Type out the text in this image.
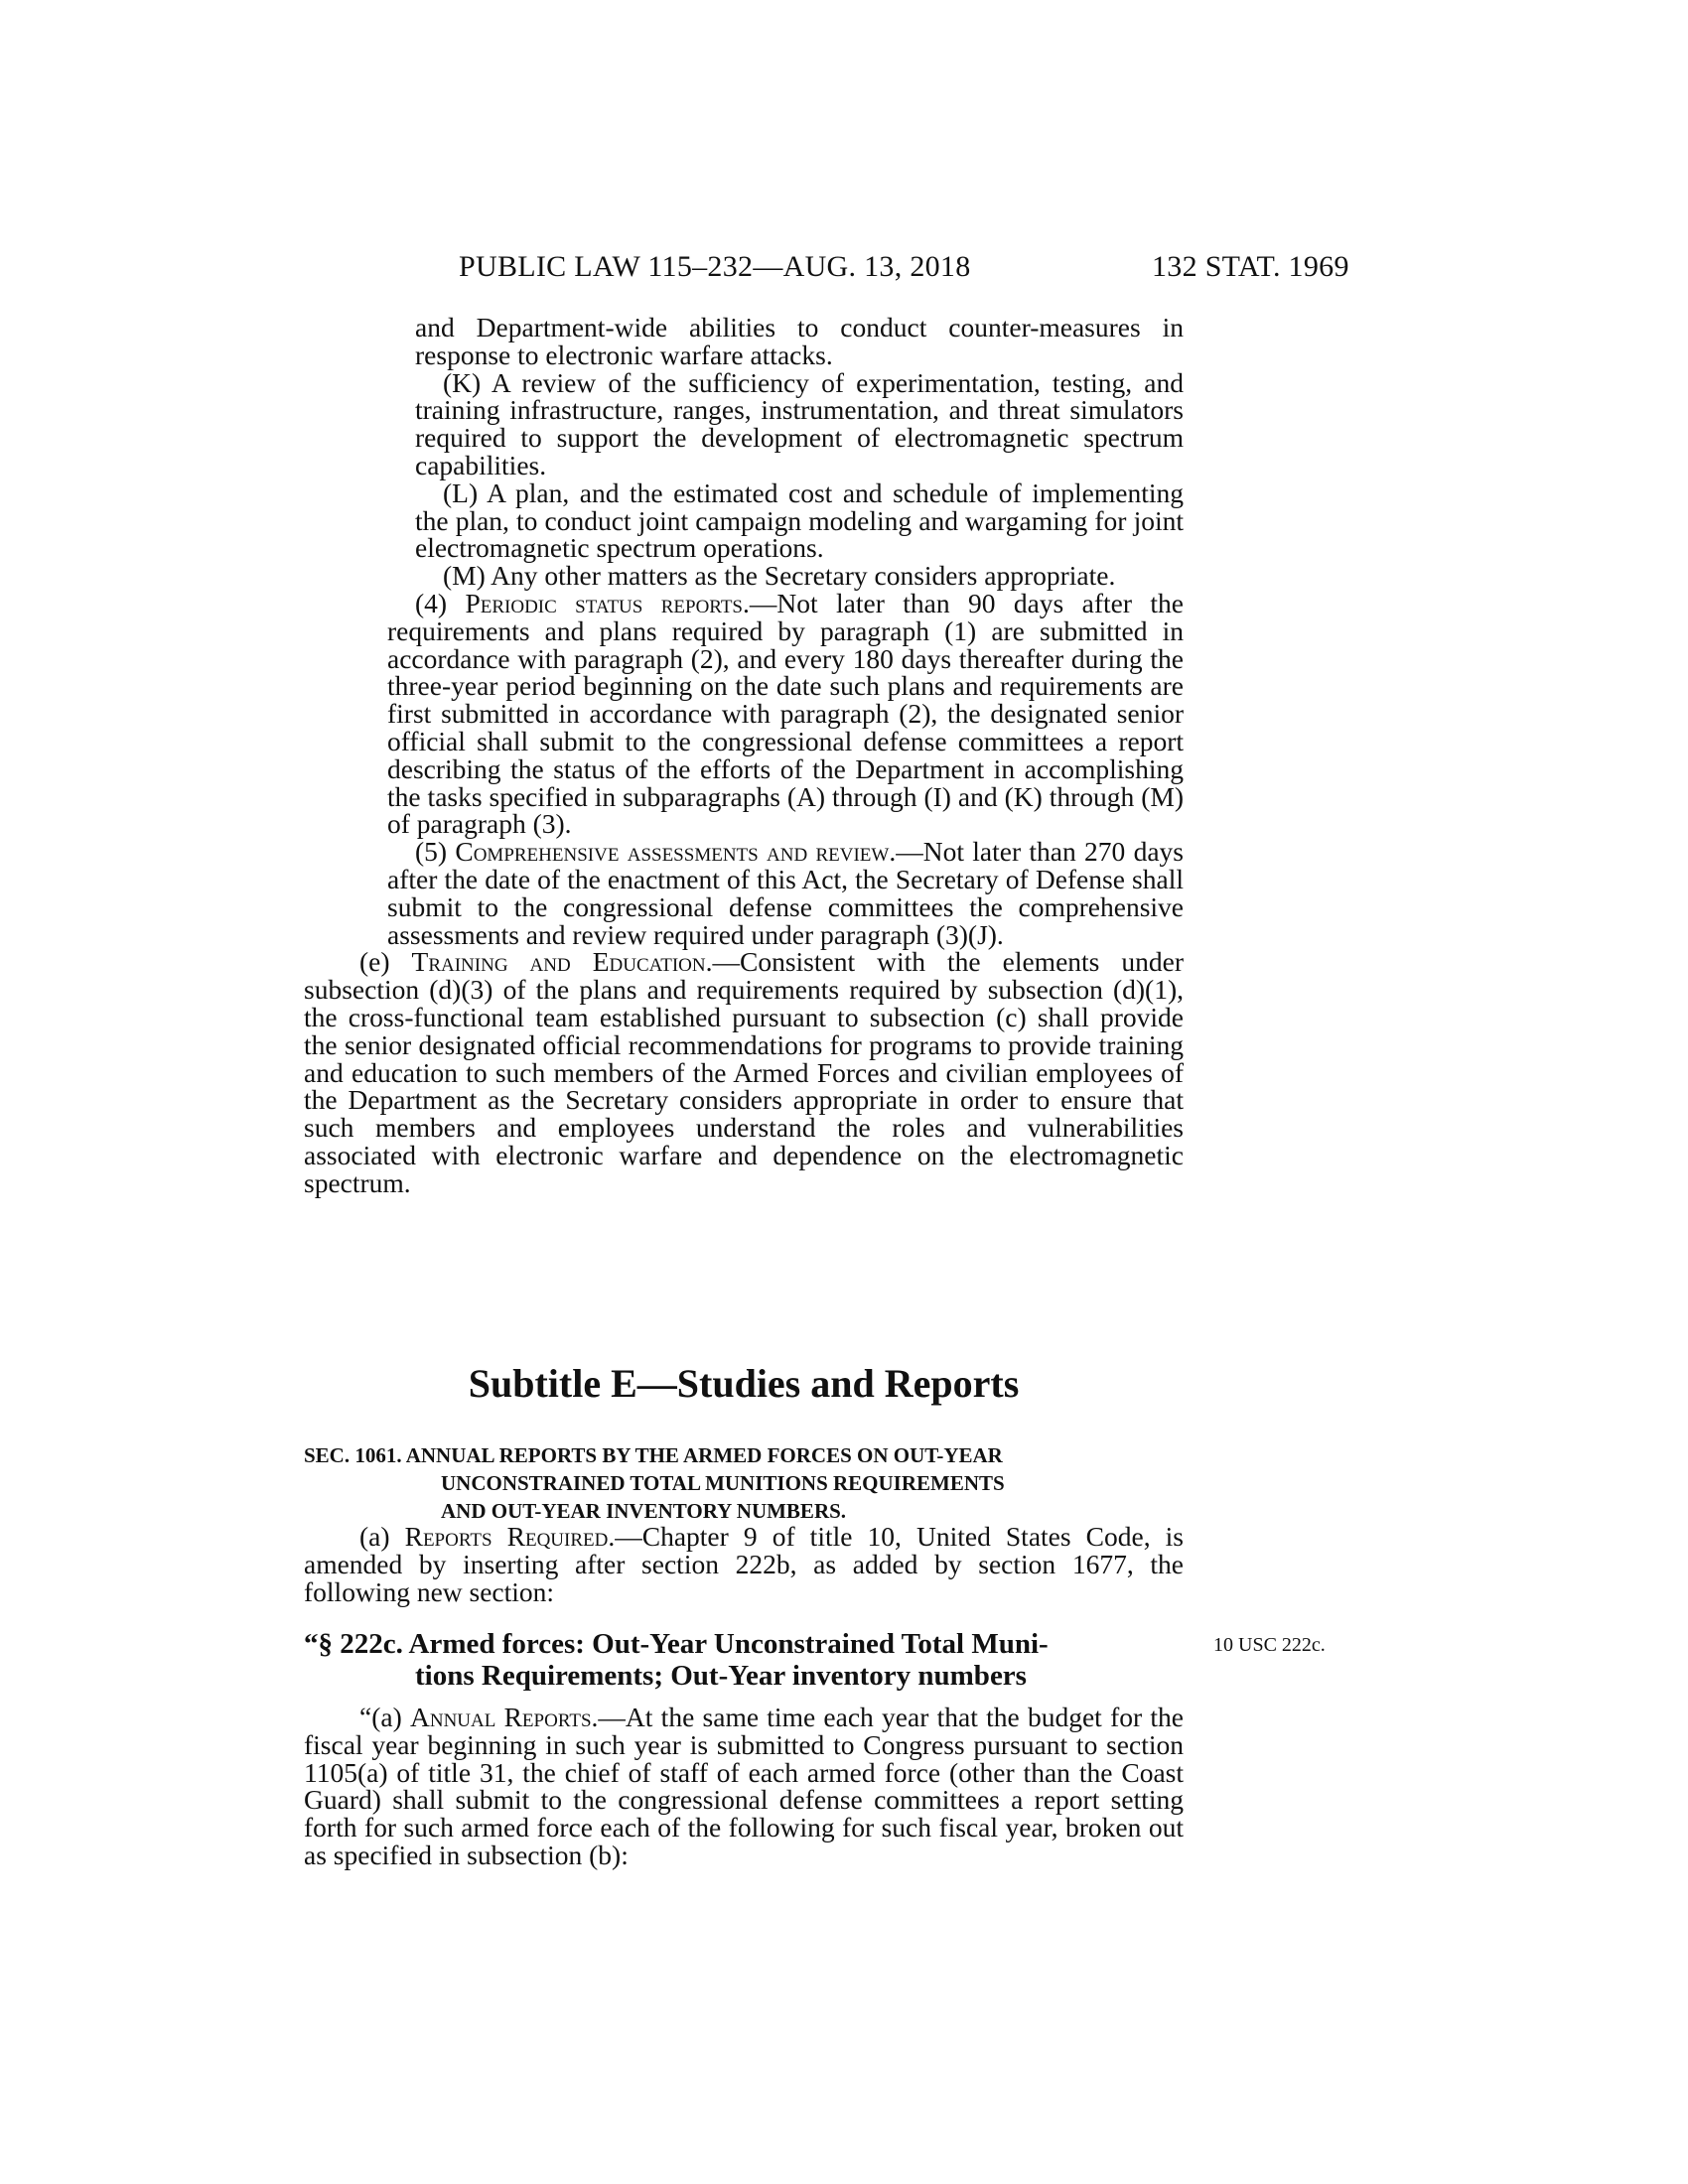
PUBLIC LAW 115–232—AUG. 13, 2018	132 STAT. 1969

and Department-wide abilities to conduct counter-measures in response to electronic warfare attacks.

(K) A review of the sufficiency of experimentation, testing, and training infrastructure, ranges, instrumentation, and threat simulators required to support the development of electromagnetic spectrum capabilities.

(L) A plan, and the estimated cost and schedule of implementing the plan, to conduct joint campaign modeling and wargaming for joint electromagnetic spectrum operations.

(M) Any other matters as the Secretary considers appropriate.

(4) Periodic status reports.—Not later than 90 days after the requirements and plans required by paragraph (1) are submitted in accordance with paragraph (2), and every 180 days thereafter during the three-year period beginning on the date such plans and requirements are first submitted in accordance with paragraph (2), the designated senior official shall submit to the congressional defense committees a report describing the status of the efforts of the Department in accomplishing the tasks specified in subparagraphs (A) through (I) and (K) through (M) of paragraph (3).

(5) Comprehensive assessments and review.—Not later than 270 days after the date of the enactment of this Act, the Secretary of Defense shall submit to the congressional defense committees the comprehensive assessments and review required under paragraph (3)(J).

(e) Training and Education.—Consistent with the elements under subsection (d)(3) of the plans and requirements required by subsection (d)(1), the cross-functional team established pursuant to subsection (c) shall provide the senior designated official recommendations for programs to provide training and education to such members of the Armed Forces and civilian employees of the Department as the Secretary considers appropriate in order to ensure that such members and employees understand the roles and vulnerabilities associated with electronic warfare and dependence on the electromagnetic spectrum.

Subtitle E—Studies and Reports
SEC. 1061. ANNUAL REPORTS BY THE ARMED FORCES ON OUT-YEAR
UNCONSTRAINED TOTAL MUNITIONS REQUIREMENTS
AND OUT-YEAR INVENTORY NUMBERS.

(a) Reports Required.—Chapter 9 of title 10, United States Code, is amended by inserting after section 222b, as added by section 1677, the following new section:

“§ 222c. Armed forces: Out-Year Unconstrained Total Muni-
tions Requirements; Out-Year inventory numbers
10 USC 222c.

“(a) Annual Reports.—At the same time each year that the budget for the fiscal year beginning in such year is submitted to Congress pursuant to section 1105(a) of title 31, the chief of staff of each armed force (other than the Coast Guard) shall submit to the congressional defense committees a report setting forth for such armed force each of the following for such fiscal year, broken out as specified in subsection (b):
